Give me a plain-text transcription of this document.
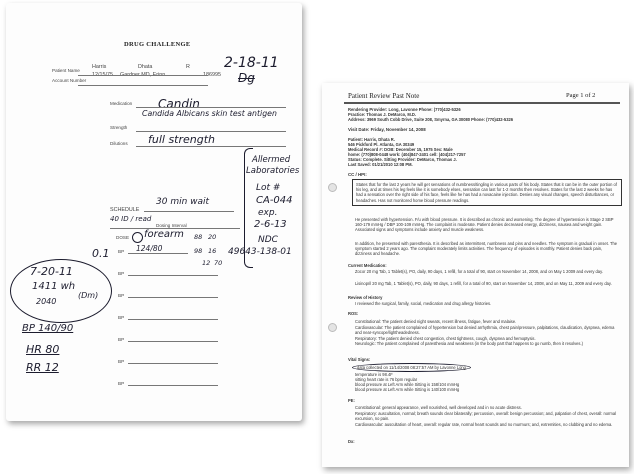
DRUG CHALLENGE
Patient Name
Account Number
Harris
12/15/75
Dhata
Gardner MD, Erinn
R
186995
2-18-11
Dg
Medication Candin
Candida Albicans skin test antigen
Strength
Dilutions full strength
Allermed
Laboratories
Lot #
CA-044
exp.
2-6-13
NDC
49643-138-01
SCHEDULE
30 min wait
40 ID / read
Dosing Interval
DOSE forearm 88 20
98 16
12 70
0.1 BP 124/80
BP
BP
BP
BP
BP
BP
7-20-11
1411 wh
(Dm)
2040
BP 140/90
HR 80
RR 12
Patient Review Past Note	Page 1 of 2
Rendering Provider: Long, Lavonne Phone: (770)432-5326
Practice: Thomas J. DeMarco, M.D.
Address: 3969 South Cobb Drive, Suite 208, Smyrna, GA 30080 Phone: (770)432-5326
Visit Date: Friday, November 14, 2008
Patient: Harris, Dhata R.
546 Pickford Pl. Atlanta, GA 30349
Medical Record #: DOB: December 15, 1975 Sex: Male
home: (770)808-0448 work: (404)847-2401 cell: (404)217-7257
Status: Complete. Sitting Provider: DeMarco, Thomas J.
Last Saved: 01/21/2010 12:08 PM.
CC / HPI:
States that for the last 2 years he will get sensations of numbness/tingling in various parts of his body. States that it can be in the outer portion of his leg, and at times his leg feels like it is somebody elses, sensation can last for 1-2 months then resolves. States for the last 2 weeks he has had a sensation over the right side of his face, feels like he has had a novacaine injection. Denies any visual changes, speech disturbances, or headaches. Has not monitored home blood pressure readings.
He presented with hypertension. F/u with blood pressure. It is described as chronic and worsening. The degree of hypertension is Stage 2 SBP 160-179 mmHg / DBP 100-109 mmHg. The complaint is moderate. Patient denies decreased energy, dizziness, nausea and weight gain. Associated signs and symptoms include anxiety and muscle weakness.
In addition, he presented with paresthesia. It is described as intermittent, numbness and pins and needles. The symptom is gradual in onset. The symptom started 2 years ago. The complaint moderately limits activities. The frequency of episodes is monthly. Patient denies back pain, dizziness and headache.
Current Medication:
Zocor 20 mg Tab, 1 Tablet(s), PO, daily, 90 days, 1 refill, for a total of 90, start on November 14, 2008, and on May 1 2009 and every day.
Lisinopril 20 mg Tab, 1 Tablet(s), PO, daily, 90 days, 1 refill, for a total of 90, start on November 14, 2008, and on May 11, 2009 and every day.
Review of History
I reviewed the surgical, family, social, medication and drug allergy histories.
ROS:
Constitutional: The patient denied night sweats, recent illness, fatigue, fever and malaise.
Cardiovascular: The patient complained of hypertension but denied arrhythmia, chest pain/pressure, palpitations, claudication, dyspnea, edema and near-syncope/lightheadedness.
Respiratory: The patient denied chest congestion, chest tightness, cough, dyspnea and hemoptysis.
Neurologic: The patient complained of paresthesia and weakness (in the body part that happens to go numb, then it resolves.)
Vital Signs:
data collected on 11/14/2008 08:27:57 AM by Lavonne Long
temperature is 98.4F
sitting heart rate is 76 bpm regular
blood pressure at Left Arm while Sitting is 158/104 mmHg
blood pressure at Left Arm while Sitting is 140/100 mmHg
PE:
Constitutional: general appearance, well nourished, well developed and in no acute distress.
Respiratory: auscultation, normal; breath sounds clear bilaterally; percussion, overall: benign percussion; and, palpation of chest, overall: normal excursion, no pain.
Cardiovascular: auscultation of heart, overall: regular rate, normal heart sounds and no murmurs; and, extremities, no clubbing and no edema.
Dx:
